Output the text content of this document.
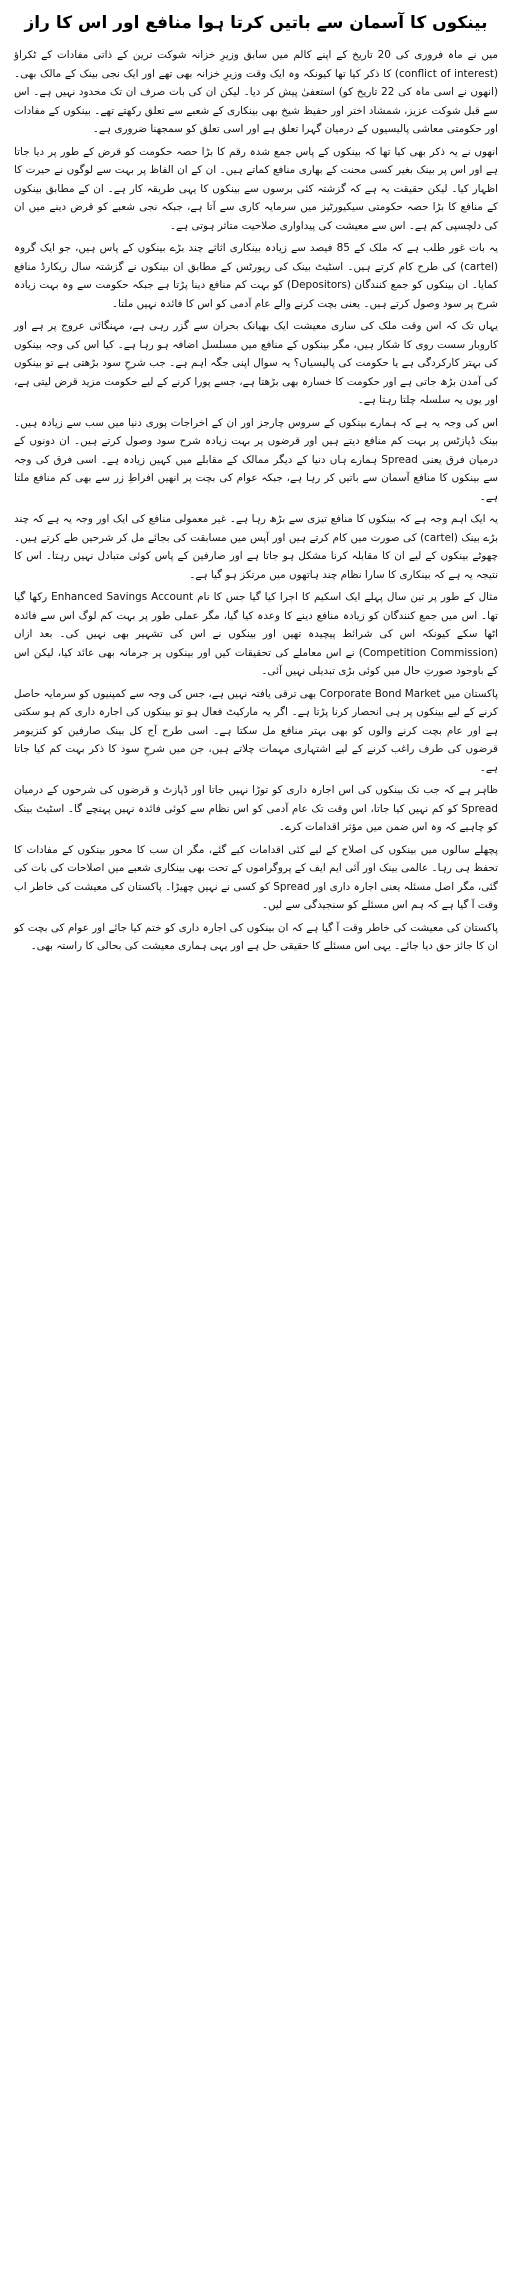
بینکوں کا آسمان سے باتیں کرتا ہوا منافع اور اس کا راز

میں نے ماہ فروری کی 20 تاریخ کے اپنے کالم میں سابق وزیرِ خزانہ شوکت ترین کے ذاتی مفادات کے ٹکراؤ (conflict of interest) کا ذکر کیا تھا کیونکہ وہ ایک وقت وزیرِ خزانہ بھی تھے اور ایک نجی بینک کے مالک بھی۔ (انھوں نے اسی ماہ کی 22 تاریخ کو) استعفیٰ پیش کر دیا۔ لیکن ان کی بات صرف ان تک محدود نہیں ہے۔ اس سے قبل شوکت عزیز، شمشاد اختر اور حفیظ شیخ بھی بینکاری کے شعبے سے تعلق رکھتے تھے۔ بینکوں کے مفادات اور حکومتی معاشی پالیسیوں کے درمیان گہرا تعلق ہے اور اسی تعلق کو سمجھنا ضروری ہے۔

انھوں نے یہ ذکر بھی کیا تھا کہ بینکوں کے پاس جمع شدہ رقم کا بڑا حصہ حکومت کو قرض کے طور پر دیا جاتا ہے اور اس پر بینک بغیر کسی محنت کے بھاری منافع کماتے ہیں۔ ان کے ان الفاظ پر بہت سے لوگوں نے حیرت کا اظہار کیا۔ لیکن حقیقت یہ ہے کہ گزشتہ کئی برسوں سے بینکوں کا یہی طریقہ کار ہے۔ ان کے مطابق بینکوں کے منافع کا بڑا حصہ حکومتی سیکیورٹیز میں سرمایہ کاری سے آتا ہے، جبکہ نجی شعبے کو قرض دینے میں ان کی دلچسپی کم ہے۔ اس سے معیشت کی پیداواری صلاحیت متاثر ہوتی ہے۔

یہ بات غور طلب ہے کہ ملک کے 85 فیصد سے زیادہ بینکاری اثاثے چند بڑے بینکوں کے پاس ہیں، جو ایک گروہ (cartel) کی طرح کام کرتے ہیں۔ اسٹیٹ بینک کی رپورٹس کے مطابق ان بینکوں نے گزشتہ سال ریکارڈ منافع کمایا۔ ان بینکوں کو جمع کنندگان (Depositors) کو بہت کم منافع دینا پڑتا ہے جبکہ حکومت سے وہ بہت زیادہ شرح پر سود وصول کرتے ہیں۔ یعنی بچت کرنے والے عام آدمی کو اس کا فائدہ نہیں ملتا۔

یہاں تک کہ اس وقت ملک کی ساری معیشت ایک بھیانک بحران سے گزر رہی ہے، مہنگائی عروج پر ہے اور کاروبار سست روی کا شکار ہیں، مگر بینکوں کے منافع میں مسلسل اضافہ ہو رہا ہے۔ کیا اس کی وجہ بینکوں کی بہتر کارکردگی ہے یا حکومت کی پالیسیاں؟ یہ سوال اپنی جگہ اہم ہے۔ جب شرحِ سود بڑھتی ہے تو بینکوں کی آمدن بڑھ جاتی ہے اور حکومت کا خسارہ بھی بڑھتا ہے، جسے پورا کرنے کے لیے حکومت مزید قرض لیتی ہے، اور یوں یہ سلسلہ چلتا رہتا ہے۔

اس کی وجہ یہ ہے کہ ہمارے بینکوں کے سروس چارجز اور ان کے اخراجات پوری دنیا میں سب سے زیادہ ہیں۔ بینک ڈپازٹس پر بہت کم منافع دیتے ہیں اور قرضوں پر بہت زیادہ شرح سود وصول کرتے ہیں۔ ان دونوں کے درمیان فرق یعنی Spread ہمارے ہاں دنیا کے دیگر ممالک کے مقابلے میں کہیں زیادہ ہے۔ اسی فرق کی وجہ سے بینکوں کا منافع آسمان سے باتیں کر رہا ہے، جبکہ عوام کی بچت پر انھیں افراطِ زر سے بھی کم منافع ملتا ہے۔

یہ ایک اہم وجہ ہے کہ بینکوں کا منافع تیزی سے بڑھ رہا ہے۔ غیر معمولی منافع کی ایک اور وجہ یہ ہے کہ چند بڑے بینک (cartel) کی صورت میں کام کرتے ہیں اور آپس میں مسابقت کی بجائے مل کر شرحیں طے کرتے ہیں۔ چھوٹے بینکوں کے لیے ان کا مقابلہ کرنا مشکل ہو جاتا ہے اور صارفین کے پاس کوئی متبادل نہیں رہتا۔ اس کا نتیجہ یہ ہے کہ بینکاری کا سارا نظام چند ہاتھوں میں مرتکز ہو گیا ہے۔

مثال کے طور پر تین سال پہلے ایک اسکیم کا اجرا کیا گیا جس کا نام Enhanced Savings Account رکھا گیا تھا۔ اس میں جمع کنندگان کو زیادہ منافع دینے کا وعدہ کیا گیا، مگر عملی طور پر بہت کم لوگ اس سے فائدہ اٹھا سکے کیونکہ اس کی شرائط پیچیدہ تھیں اور بینکوں نے اس کی تشہیر بھی نہیں کی۔ بعد ازاں (Competition Commission) نے اس معاملے کی تحقیقات کیں اور بینکوں پر جرمانہ بھی عائد کیا، لیکن اس کے باوجود صورتِ حال میں کوئی بڑی تبدیلی نہیں آئی۔

پاکستان میں Corporate Bond Market بھی ترقی یافتہ نہیں ہے، جس کی وجہ سے کمپنیوں کو سرمایہ حاصل کرنے کے لیے بینکوں پر ہی انحصار کرنا پڑتا ہے۔ اگر یہ مارکیٹ فعال ہو تو بینکوں کی اجارہ داری کم ہو سکتی ہے اور عام بچت کرنے والوں کو بھی بہتر منافع مل سکتا ہے۔ اسی طرح آج کل بینک صارفین کو کنزیومر قرضوں کی طرف راغب کرنے کے لیے اشتہاری مہمات چلاتے ہیں، جن میں شرحِ سود کا ذکر بہت کم کیا جاتا ہے۔

ظاہر ہے کہ جب تک بینکوں کی اس اجارہ داری کو توڑا نہیں جاتا اور ڈپازٹ و قرضوں کی شرحوں کے درمیان Spread کو کم نہیں کیا جاتا، اس وقت تک عام آدمی کو اس نظام سے کوئی فائدہ نہیں پہنچے گا۔ اسٹیٹ بینک کو چاہیے کہ وہ اس ضمن میں مؤثر اقدامات کرے۔

پچھلے سالوں میں بینکوں کی اصلاح کے لیے کئی اقدامات کیے گئے، مگر ان سب کا محور بینکوں کے مفادات کا تحفظ ہی رہا۔ عالمی بینک اور آئی ایم ایف کے پروگراموں کے تحت بھی بینکاری شعبے میں اصلاحات کی بات کی گئی، مگر اصل مسئلہ یعنی اجارہ داری اور Spread کو کسی نے نہیں چھیڑا۔ پاکستان کی معیشت کی خاطر اب وقت آ گیا ہے کہ ہم اس مسئلے کو سنجیدگی سے لیں۔

پاکستان کی معیشت کی خاطر وقت آ گیا ہے کہ ان بینکوں کی اجارہ داری کو ختم کیا جائے اور عوام کی بچت کو ان کا جائز حق دیا جائے۔ یہی اس مسئلے کا حقیقی حل ہے اور یہی ہماری معیشت کی بحالی کا راستہ بھی۔
